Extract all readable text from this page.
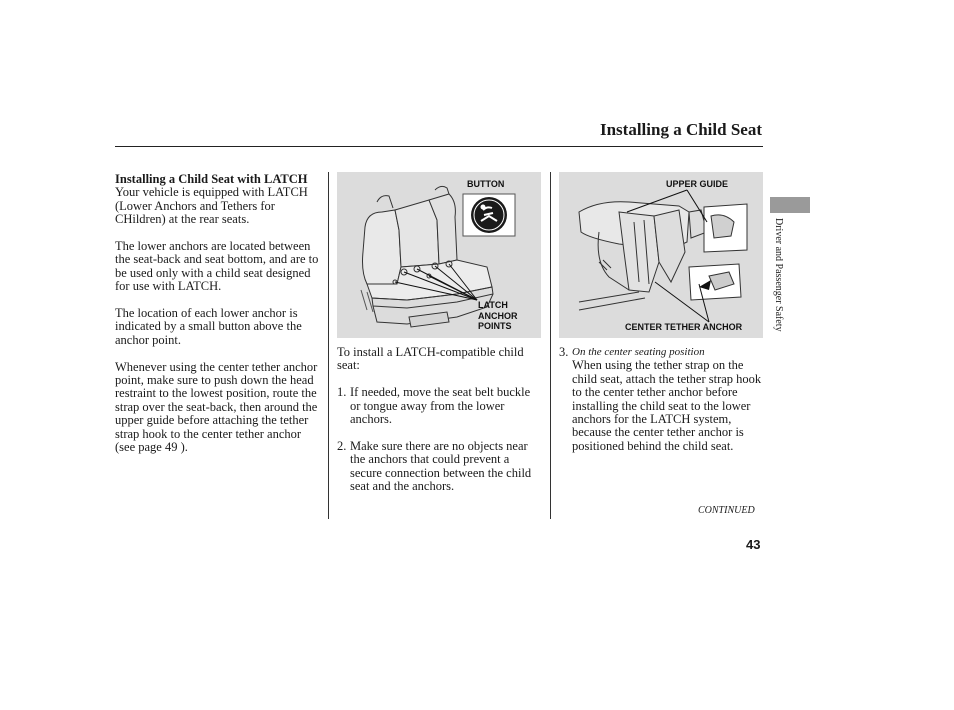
Installing a Child Seat
Installing a Child Seat with LATCH

Your vehicle is equipped with LATCH (Lower Anchors and Tethers for CHildren) at the rear seats.

The lower anchors are located between the seat-back and seat bottom, and are to be used only with a child seat designed for use with LATCH.

The location of each lower anchor is indicated by a small button above the anchor point.

Whenever using the center tether anchor point, make sure to push down the head restraint to the lowest position, route the strap over the seat-back, then around the upper guide before attaching the tether strap hook to the center tether anchor (see page 49 ).

BUTTON
LATCH ANCHOR POINTS

To install a LATCH-compatible child seat:

1. If needed, move the seat belt buckle or tongue away from the lower anchors.
2. Make sure there are no objects near the anchors that could prevent a secure connection between the child seat and the anchors.
UPPER GUIDE
CENTER TETHER ANCHOR
3. On the center seating position
When using the tether strap on the child seat, attach the tether strap hook to the center tether anchor before installing the child seat to the lower anchors for the LATCH system, because the center tether anchor is positioned behind the child seat.
Driver and Passenger Safety
CONTINUED
43
